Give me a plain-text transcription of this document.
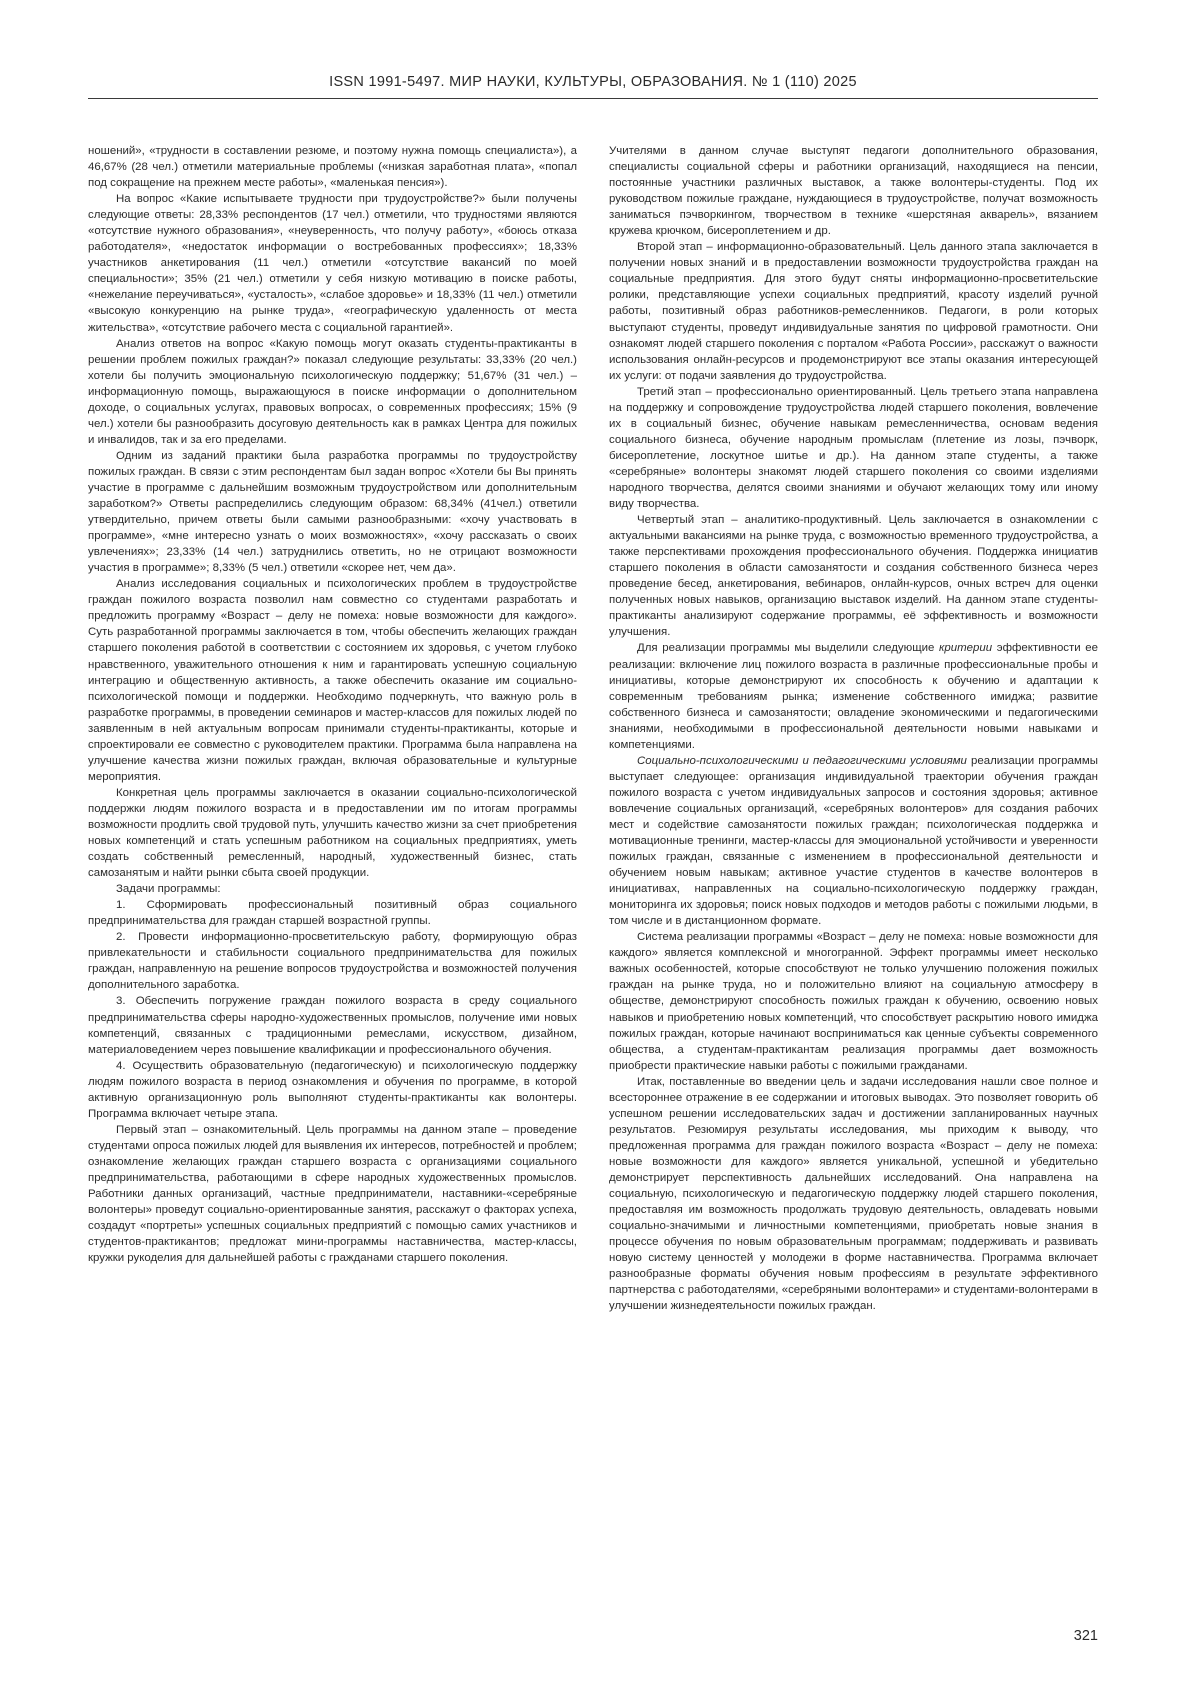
ISSN 1991-5497. МИР НАУКИ, КУЛЬТУРЫ, ОБРАЗОВАНИЯ. № 1 (110) 2025

ношений», «трудности в составлении резюме, и поэтому нужна помощь специалиста»), а 46,67% (28 чел.) отметили материальные проблемы («низкая заработная плата», «попал под сокращение на прежнем месте работы», «маленькая пенсия»).

На вопрос «Какие испытываете трудности при трудоустройстве?» были получены следующие ответы: 28,33% респондентов (17 чел.) отметили, что трудностями являются «отсутствие нужного образования», «неуверенность, что получу работу», «боюсь отказа работодателя», «недостаток информации о востребованных профессиях»; 18,33% участников анкетирования (11 чел.) отметили «отсутствие вакансий по моей специальности»; 35% (21 чел.) отметили у себя низкую мотивацию в поиске работы, «нежелание переучиваться», «усталость», «слабое здоровье» и 18,33% (11 чел.) отметили «высокую конкуренцию на рынке труда», «географическую удаленность от места жительства», «отсутствие рабочего места с социальной гарантией».

Анализ ответов на вопрос «Какую помощь могут оказать студенты-практиканты в решении проблем пожилых граждан?» показал следующие результаты: 33,33% (20 чел.) хотели бы получить эмоциональную психологическую поддержку; 51,67% (31 чел.) – информационную помощь, выражающуюся в поиске информации о дополнительном доходе, о социальных услугах, правовых вопросах, о современных профессиях; 15% (9 чел.) хотели бы разнообразить досуговую деятельность как в рамках Центра для пожилых и инвалидов, так и за его пределами.

Одним из заданий практики была разработка программы по трудоустройству пожилых граждан. В связи с этим респондентам был задан вопрос «Хотели бы Вы принять участие в программе с дальнейшим возможным трудоустройством или дополнительным заработком?» Ответы распределились следующим образом: 68,34% (41чел.) ответили утвердительно, причем ответы были самыми разнообразными: «хочу участвовать в программе», «мне интересно узнать о моих возможностях», «хочу рассказать о своих увлечениях»; 23,33% (14 чел.) затруднились ответить, но не отрицают возможности участия в программе»; 8,33% (5 чел.) ответили «скорее нет, чем да».

Анализ исследования социальных и психологических проблем в трудоустройстве граждан пожилого возраста позволил нам совместно со студентами разработать и предложить программу «Возраст – делу не помеха: новые возможности для каждого». Суть разработанной программы заключается в том, чтобы обеспечить желающих граждан старшего поколения работой в соответствии с состоянием их здоровья, с учетом глубоко нравственного, уважительного отношения к ним и гарантировать успешную социальную интеграцию и общественную активность, а также обеспечить оказание им социально-психологической помощи и поддержки. Необходимо подчеркнуть, что важную роль в разработке программы, в проведении семинаров и мастер-классов для пожилых людей по заявленным в ней актуальным вопросам принимали студенты-практиканты, которые и спроектировали ее совместно с руководителем практики. Программа была направлена на улучшение качества жизни пожилых граждан, включая образовательные и культурные мероприятия.

Конкретная цель программы заключается в оказании социально-психологической поддержки людям пожилого возраста и в предоставлении им по итогам программы возможности продлить свой трудовой путь, улучшить качество жизни за счет приобретения новых компетенций и стать успешным работником на социальных предприятиях, уметь создать собственный ремесленный, народный, художественный бизнес, стать самозанятым и найти рынки сбыта своей продукции.

Задачи программы:

1. Сформировать профессиональный позитивный образ социального предпринимательства для граждан старшей возрастной группы.

2. Провести информационно-просветительскую работу, формирующую образ привлекательности и стабильности социального предпринимательства для пожилых граждан, направленную на решение вопросов трудоустройства и возможностей получения дополнительного заработка.

3. Обеспечить погружение граждан пожилого возраста в среду социального предпринимательства сферы народно-художественных промыслов, получение ими новых компетенций, связанных с традиционными ремеслами, искусством, дизайном, материаловедением через повышение квалификации и профессионального обучения.

4. Осуществить образовательную (педагогическую) и психологическую поддержку людям пожилого возраста в период ознакомления и обучения по программе, в которой активную организационную роль выполняют студенты-практиканты как волонтеры. Программа включает четыре этапа.

Первый этап – ознакомительный. Цель программы на данном этапе – проведение студентами опроса пожилых людей для выявления их интересов, потребностей и проблем; ознакомление желающих граждан старшего возраста с организациями социального предпринимательства, работающими в сфере народных художественных промыслов. Работники данных организаций, частные предприниматели, наставники-«серебряные волонтеры» проведут социально-ориентированные занятия, расскажут о факторах успеха, создадут «портреты» успешных социальных предприятий с помощью самих участников и студентов-практикантов; предложат мини-программы наставничества, мастер-классы, кружки рукоделия для дальнейшей работы с гражданами старшего поколения.

Учителями в данном случае выступят педагоги дополнительного образования, специалисты социальной сферы и работники организаций, находящиеся на пенсии, постоянные участники различных выставок, а также волонтеры-студенты. Под их руководством пожилые граждане, нуждающиеся в трудоустройстве, получат возможность заниматься пэчворкингом, творчеством в технике «шерстяная акварель», вязанием кружева крючком, бисероплетением и др.

Второй этап – информационно-образовательный. Цель данного этапа заключается в получении новых знаний и в предоставлении возможности трудоустройства граждан на социальные предприятия. Для этого будут сняты информационно-просветительские ролики, представляющие успехи социальных предприятий, красоту изделий ручной работы, позитивный образ работников-ремесленников. Педагоги, в роли которых выступают студенты, проведут индивидуальные занятия по цифровой грамотности. Они ознакомят людей старшего поколения с порталом «Работа России», расскажут о важности использования онлайн-ресурсов и продемонстрируют все этапы оказания интересующей их услуги: от подачи заявления до трудоустройства.

Третий этап – профессионально ориентированный. Цель третьего этапа направлена на поддержку и сопровождение трудоустройства людей старшего поколения, вовлечение их в социальный бизнес, обучение навыкам ремесленничества, основам ведения социального бизнеса, обучение народным промыслам (плетение из лозы, пэчворк, бисероплетение, лоскутное шитье и др.). На данном этапе студенты, а также «серебряные» волонтеры знакомят людей старшего поколения со своими изделиями народного творчества, делятся своими знаниями и обучают желающих тому или иному виду творчества.

Четвертый этап – аналитико-продуктивный. Цель заключается в ознакомлении с актуальными вакансиями на рынке труда, с возможностью временного трудоустройства, а также перспективами прохождения профессионального обучения. Поддержка инициатив старшего поколения в области самозанятости и создания собственного бизнеса через проведение бесед, анкетирования, вебинаров, онлайн-курсов, очных встреч для оценки полученных новых навыков, организацию выставок изделий. На данном этапе студенты-практиканты анализируют содержание программы, её эффективность и возможности улучшения.

Для реализации программы мы выделили следующие критерии эффективности ее реализации: включение лиц пожилого возраста в различные профессиональные пробы и инициативы, которые демонстрируют их способность к обучению и адаптации к современным требованиям рынка; изменение собственного имиджа; развитие собственного бизнеса и самозанятости; овладение экономическими и педагогическими знаниями, необходимыми в профессиональной деятельности новыми навыками и компетенциями.

Социально-психологическими и педагогическими условиями реализации программы выступает следующее: организация индивидуальной траектории обучения граждан пожилого возраста с учетом индивидуальных запросов и состояния здоровья; активное вовлечение социальных организаций, «серебряных волонтеров» для создания рабочих мест и содействие самозанятости пожилых граждан; психологическая поддержка и мотивационные тренинги, мастер-классы для эмоциональной устойчивости и уверенности пожилых граждан, связанные с изменением в профессиональной деятельности и обучением новым навыкам; активное участие студентов в качестве волонтеров в инициативах, направленных на социально-психологическую поддержку граждан, мониторинга их здоровья; поиск новых подходов и методов работы с пожилыми людьми, в том числе и в дистанционном формате.

Система реализации программы «Возраст – делу не помеха: новые возможности для каждого» является комплексной и многогранной. Эффект программы имеет несколько важных особенностей, которые способствуют не только улучшению положения пожилых граждан на рынке труда, но и положительно влияют на социальную атмосферу в обществе, демонстрируют способность пожилых граждан к обучению, освоению новых навыков и приобретению новых компетенций, что способствует раскрытию нового имиджа пожилых граждан, которые начинают восприниматься как ценные субъекты современного общества, а студентам-практикантам реализация программы дает возможность приобрести практические навыки работы с пожилыми гражданами.

Итак, поставленные во введении цель и задачи исследования нашли свое полное и всестороннее отражение в ее содержании и итоговых выводах. Это позволяет говорить об успешном решении исследовательских задач и достижении запланированных научных результатов. Резюмируя результаты исследования, мы приходим к выводу, что предложенная программа для граждан пожилого возраста «Возраст – делу не помеха: новые возможности для каждого» является уникальной, успешной и убедительно демонстрирует перспективность дальнейших исследований. Она направлена на социальную, психологическую и педагогическую поддержку людей старшего поколения, предоставляя им возможность продолжать трудовую деятельность, овладевать новыми социально-значимыми и личностными компетенциями, приобретать новые знания в процессе обучения по новым образовательным программам; поддерживать и развивать новую систему ценностей у молодежи в форме наставничества. Программа включает разнообразные форматы обучения новым профессиям в результате эффективного партнерства с работодателями, «серебряными волонтерами» и студентами-волонтерами в улучшении жизнедеятельности пожилых граждан.

321
